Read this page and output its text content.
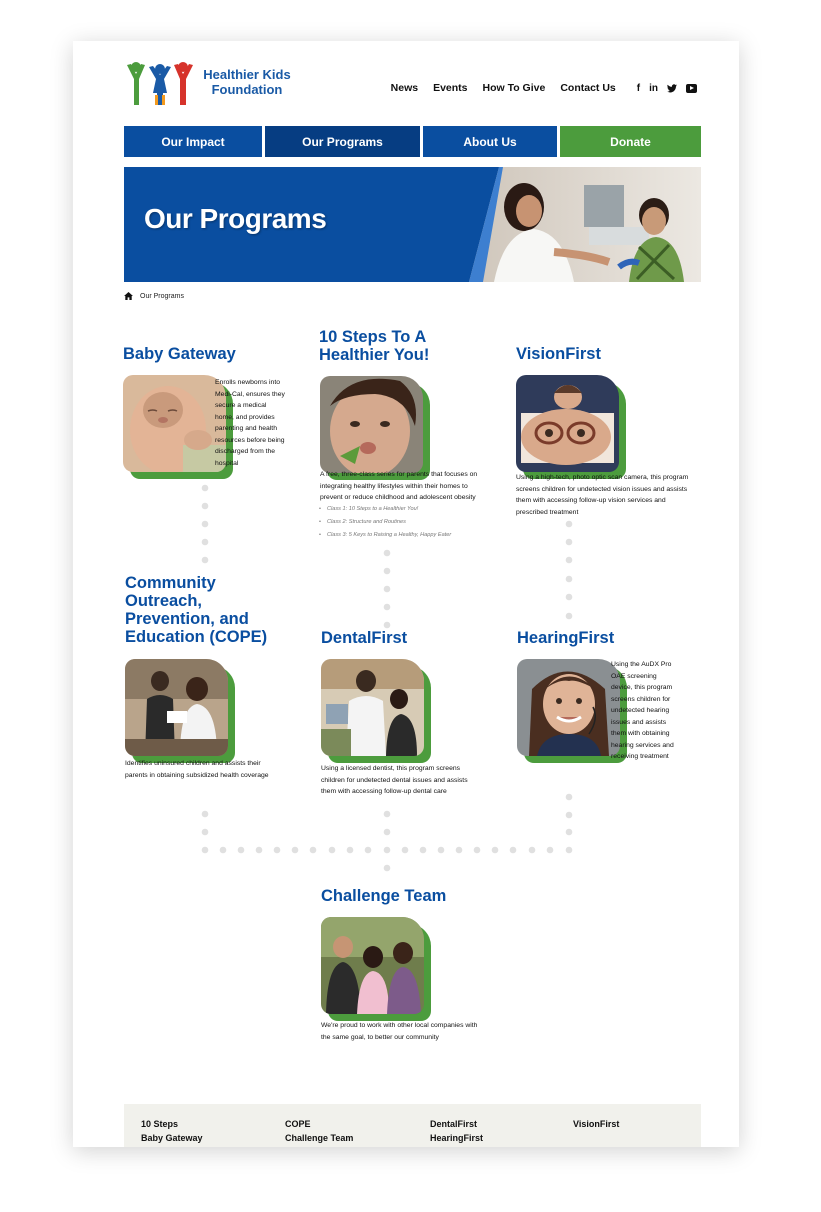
Healthier Kids
Foundation	News Events How To Give Contact Us f in
Our Impact	Our Programs	About Us	Donate
Our Programs
Our Programs
Baby Gateway
Enrolls newborns into Medi-Cal, ensures they secure a medical home, and provides parenting and health resources before being discharged from the hospital
10 Steps To A Healthier You!
A free, three-class series for parents that focuses on integrating healthy lifestyles within their homes to prevent or reduce childhood and adolescent obesity
• Class 1: 10 Steps to a Healthier You!
• Class 2: Structure and Routines
• Class 3: 5 Keys to Raising a Healthy, Happy Eater
VisionFirst
Using a high-tech, photo optic scan camera, this program screens children for undetected vision issues and assists them with accessing follow-up vision services and prescribed treatment
Community Outreach, Prevention, and Education (COPE)
Identifies uninsured children and assists their parents in obtaining subsidized health coverage
DentalFirst
Using a licensed dentist, this program screens children for undetected dental issues and assists them with accessing follow-up dental care
HearingFirst
Using the AuDX Pro OAE screening device, this program screens children for undetected hearing issues and assists them with obtaining hearing services and receiving treatment
Challenge Team
We're proud to work with other local companies with the same goal, to better our community
10 Steps
Baby Gateway
COPE
Challenge Team
DentalFirst
HearingFirst
VisionFirst
